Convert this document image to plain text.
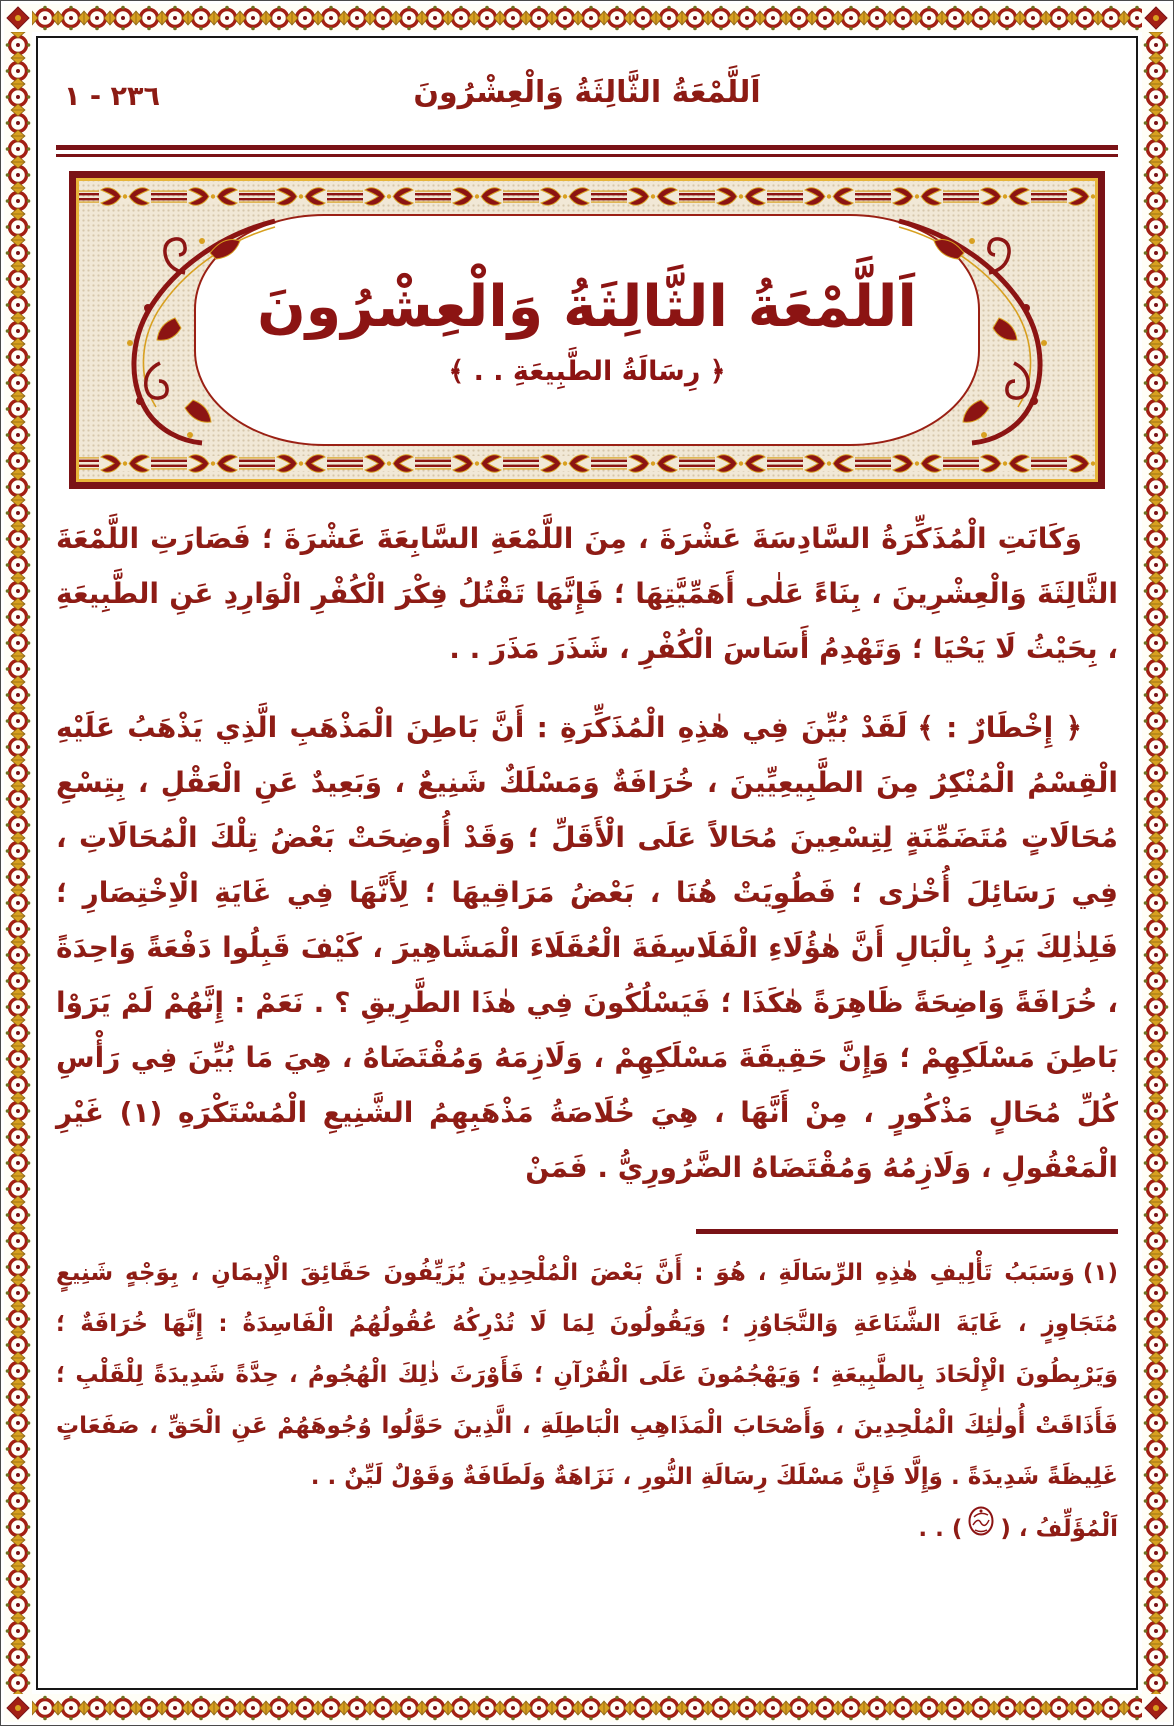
اَللَّمْعَةُ الثَّالِثَةُ وَالْعِشْرُونَ
٢٣٦ - ١
اَللَّمْعَةُ الثَّالِثَةُ وَالْعِشْرُونَ
﴿ رِسَالَةُ الطَّبِيعَةِ . . ﴾
وَكَانَتِ الْمُذَكِّرَةُ السَّادِسَةَ عَشْرَةَ ، مِنَ اللَّمْعَةِ السَّابِعَةَ عَشْرَةَ ؛ فَصَارَتِ اللَّمْعَةَ الثَّالِثَةَ وَالْعِشْرِينَ ، بِنَاءً عَلٰى أَهَمِّيَّتِهَا ؛ فَإِنَّهَا تَقْتُلُ فِكْرَ الْكُفْرِ الْوَارِدِ عَنِ الطَّبِيعَةِ ، بِحَيْثُ لَا يَحْيَا ؛ وَتَهْدِمُ أَسَاسَ الْكُفْرِ ، شَذَرَ مَذَرَ . .
﴿ إِخْطَارٌ : ﴾لَقَدْ بُيِّنَ فِي هٰذِهِ الْمُذَكِّرَةِ : أَنَّ بَاطِنَ الْمَذْهَبِ الَّذِي يَذْهَبُ عَلَيْهِ الْقِسْمُ الْمُنْكِرُ مِنَ الطَّبِيعِيِّينَ ، خُرَافَةٌ وَمَسْلَكٌ شَنِيعٌ ، وَبَعِيدٌ عَنِ الْعَقْلِ ، بِتِسْعِ مُحَالَاتٍ مُتَضَمِّنَةٍ لِتِسْعِينَ مُحَالاً عَلَى الْأَقَلِّ ؛ وَقَدْ أُوضِحَتْ بَعْضُ تِلْكَ الْمُحَالَاتِ ، فِي رَسَائِلَ أُخْرٰى ؛ فَطُوِيَتْ هُنَا ، بَعْضُ مَرَاقِيهَا ؛ لِأَنَّهَا فِي غَايَةِ الْاِخْتِصَارِ ؛ فَلِذٰلِكَ يَرِدُ بِالْبَالِ أَنَّ هٰؤُلَاءِ الْفَلَاسِفَةَ الْعُقَلَاءَ الْمَشَاهِيرَ ، كَيْفَ قَبِلُوا دَفْعَةً وَاحِدَةً ، خُرَافَةً وَاضِحَةً ظَاهِرَةً هٰكَذَا ؛ فَيَسْلُكُونَ فِي هٰذَا الطَّرِيقِ ؟ . نَعَمْ : إِنَّهُمْ لَمْ يَرَوْا بَاطِنَ مَسْلَكِهِمْ ؛ وَإِنَّ حَقِيقَةَ مَسْلَكِهِمْ ، وَلَازِمَهُ وَمُقْتَضَاهُ ، هِيَ مَا بُيِّنَ فِي رَأْسِ كُلِّ مُحَالٍ مَذْكُورٍ ، مِنْ أَنَّهَا ، هِيَ خُلَاصَةُ مَذْهَبِهِمُ الشَّنِيعِ الْمُسْتَكْرَهِ (١) غَيْرِ الْمَعْقُولِ ، وَلَازِمُهُ وَمُقْتَضَاهُ الضَّرُورِيُّ . فَمَنْ
(١)وَسَبَبُ تَأْلِيفِ هٰذِهِ الرِّسَالَةِ ، هُوَ : أَنَّ بَعْضَ الْمُلْحِدِينَ يُزَيِّفُونَ حَقَائِقَ الْإِيمَانِ ، بِوَجْهٍ شَنِيعٍ مُتَجَاوِزٍ ، غَايَةَ الشَّنَاعَةِ وَالتَّجَاوُزِ ؛ وَيَقُولُونَ لِمَا لَا تُدْرِكُهُ عُقُولُهُمُ الْفَاسِدَةُ : إِنَّهَا خُرَافَةٌ ؛ وَيَرْبِطُونَ الْإِلْحَادَ بِالطَّبِيعَةِ ؛ وَيَهْجُمُونَ عَلَى الْقُرْآنِ ؛ فَأَوْرَثَ ذٰلِكَ الْهُجُومُ ، حِدَّةً شَدِيدَةً لِلْقَلْبِ ؛ فَأَذَاقَتْ أُولٰئِكَ الْمُلْحِدِينَ ، وَأَصْحَابَ الْمَذَاهِبِ الْبَاطِلَةِ ، الَّذِينَ حَوَّلُوا وُجُوهَهُمْ عَنِ الْحَقِّ ، صَفَعَاتٍ غَلِيظَةً شَدِيدَةً . وَإِلَّا فَإِنَّ مَسْلَكَ رِسَالَةِ النُّورِ ، نَزَاهَةٌ وَلَطَافَةٌ وَقَوْلٌ لَيِّنٌ . .
اَلْمُؤَلِّفُ ، (
) . .
